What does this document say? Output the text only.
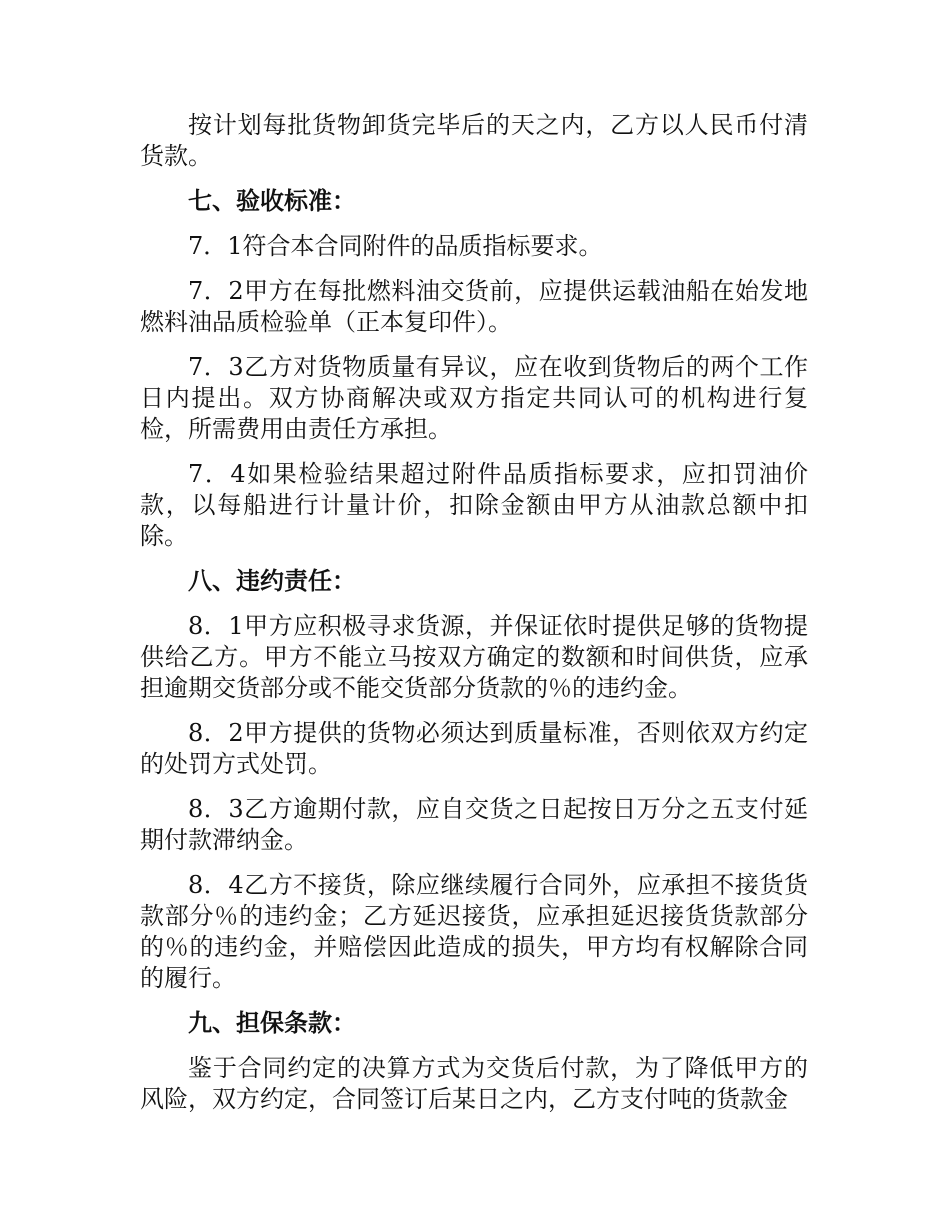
按计划每批货物卸货完毕后的天之内，乙方以人民币付清货款。

七、验收标准：

7．1符合本合同附件的品质指标要求。

7．2甲方在每批燃料油交货前，应提供运载油船在始发地燃料油品质检验单（正本复印件）。

7．3乙方对货物质量有异议，应在收到货物后的两个工作日内提出。双方协商解决或双方指定共同认可的机构进行复检，所需费用由责任方承担。

7．4如果检验结果超过附件品质指标要求，应扣罚油价款，以每船进行计量计价，扣除金额由甲方从油款总额中扣除。

八、违约责任：

8．1甲方应积极寻求货源，并保证依时提供足够的货物提供给乙方。甲方不能立马按双方确定的数额和时间供货，应承担逾期交货部分或不能交货部分货款的％的违约金。

8．2甲方提供的货物必须达到质量标准，否则依双方约定的处罚方式处罚。

8．3乙方逾期付款，应自交货之日起按日万分之五支付延期付款滞纳金。

8．4乙方不接货，除应继续履行合同外，应承担不接货货款部分％的违约金；乙方延迟接货，应承担延迟接货货款部分的％的违约金，并赔偿因此造成的损失，甲方均有权解除合同的履行。

九、担保条款：

鉴于合同约定的决算方式为交货后付款，为了降低甲方的风险，双方约定，合同签订后某日之内，乙方支付吨的货款金
